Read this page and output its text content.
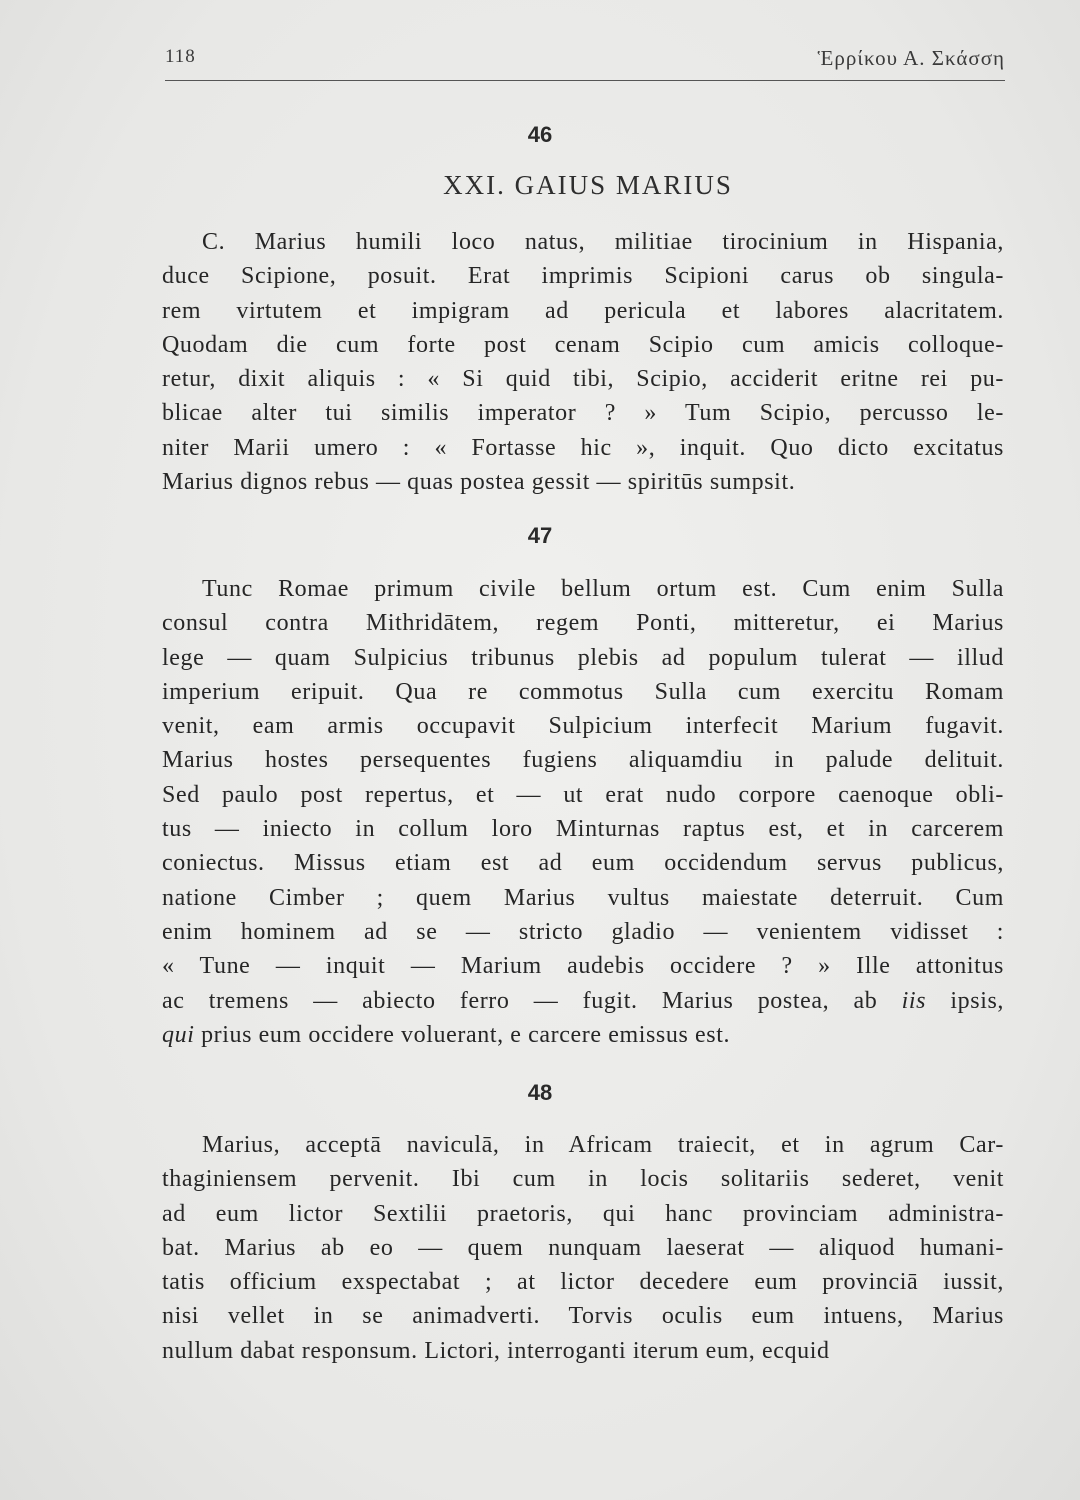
118	Ἑρρίκου Α. Σκάσση
46
XXI. GAIUS MARIUS
C. Marius humili loco natus, militiae tirocinium in Hispania,
duce Scipione, posuit. Erat imprimis Scipioni carus ob singula-
rem virtutem et impigram ad pericula et labores alacritatem.
Quodam die cum forte post cenam Scipio cum amicis colloque-
retur, dixit aliquis : « Si quid tibi, Scipio, acciderit eritne rei pu-
blicae alter tui similis imperator ? » Tum Scipio, percusso le-
niter Marii umero : « Fortasse hic », inquit. Quo dicto excitatus
Marius dignos rebus — quas postea gessit — spiritūs sumpsit.
47
Tunc Romae primum civile bellum ortum est. Cum enim Sulla
consul contra Mithridātem, regem Ponti, mitteretur, ei Marius
lege — quam Sulpicius tribunus plebis ad populum tulerat — illud
imperium eripuit. Qua re commotus Sulla cum exercitu Romam
venit, eam armis occupavit Sulpicium interfecit Marium fugavit.
Marius hostes persequentes fugiens aliquamdiu in palude delituit.
Sed paulo post repertus, et — ut erat nudo corpore caenoque obli-
tus — iniecto in collum loro Minturnas raptus est, et in carcerem
coniectus. Missus etiam est ad eum occidendum servus publicus,
natione Cimber ; quem Marius vultus maiestate deterruit. Cum
enim hominem ad se — stricto gladio — venientem vidisset :
« Tune — inquit — Marium audebis occidere ? » Ille attonitus
ac tremens — abiecto ferro — fugit. Marius postea, ab iis ipsis,
qui prius eum occidere voluerant, e carcere emissus est.
48
Marius, acceptā naviculā, in Africam traiecit, et in agrum Car-
thaginiensem pervenit. Ibi cum in locis solitariis sederet, venit
ad eum lictor Sextilii praetoris, qui hanc provinciam administra-
bat. Marius ab eo — quem nunquam laeserat — aliquod humani-
tatis officium exspectabat ; at lictor decedere eum provinciā iussit,
nisi vellet in se animadverti. Torvis oculis eum intuens, Marius
nullum dabat responsum. Lictori, interroganti iterum eum, ecquid
